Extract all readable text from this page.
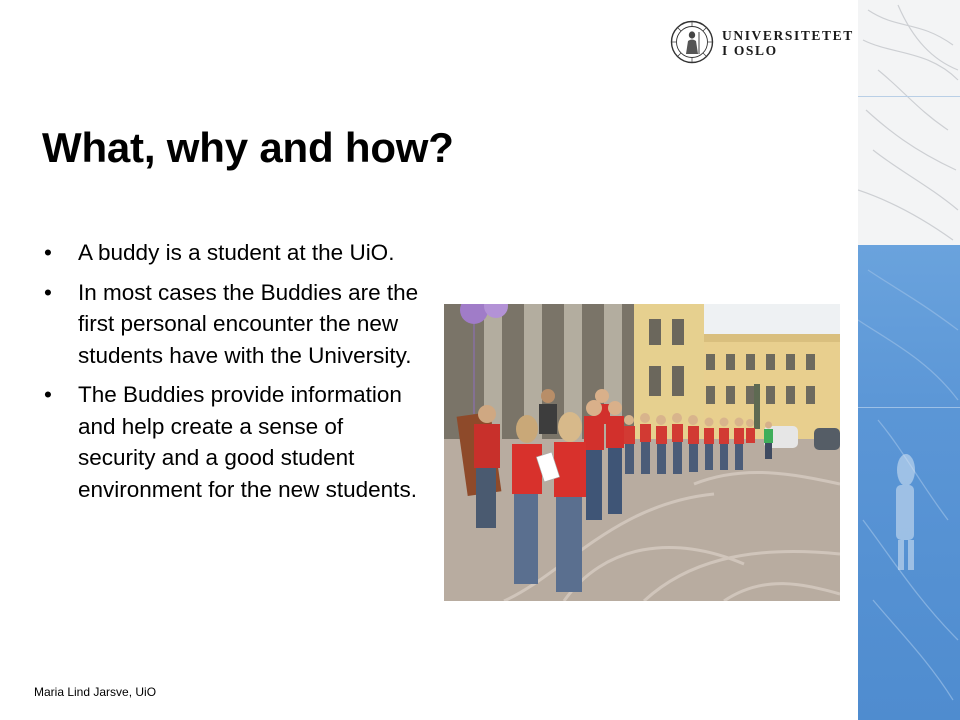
UNIVERSITETET
I OSLO
What, why and how?
• A buddy is a student at the UiO.
• In most cases the Buddies are the first personal encounter the new students have with the University.
• The Buddies provide information and help create a sense of security and a good student environment for the new students.
Maria Lind Jarsve, UiO
